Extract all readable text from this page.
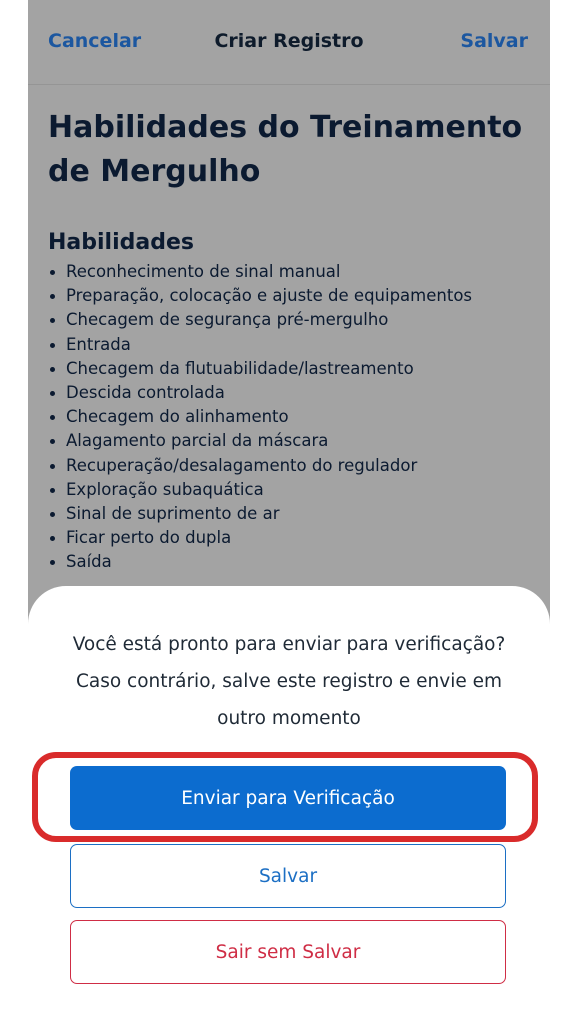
Cancelar	Criar Registro	Salvar
Habilidades do Treinamento de Mergulho
Habilidades
Reconhecimento de sinal manual
Preparação, colocação e ajuste de equipamentos
Checagem de segurança pré-mergulho
Entrada
Checagem da flutuabilidade/lastreamento
Descida controlada
Checagem do alinhamento
Alagamento parcial da máscara
Recuperação/desalagamento do regulador
Exploração subaquática
Sinal de suprimento de ar
Ficar perto do dupla
Saída

Você está pronto para enviar para verificação? Caso contrário, salve este registro e envie em outro momento

Enviar para Verificação
Salvar
Sair sem Salvar
